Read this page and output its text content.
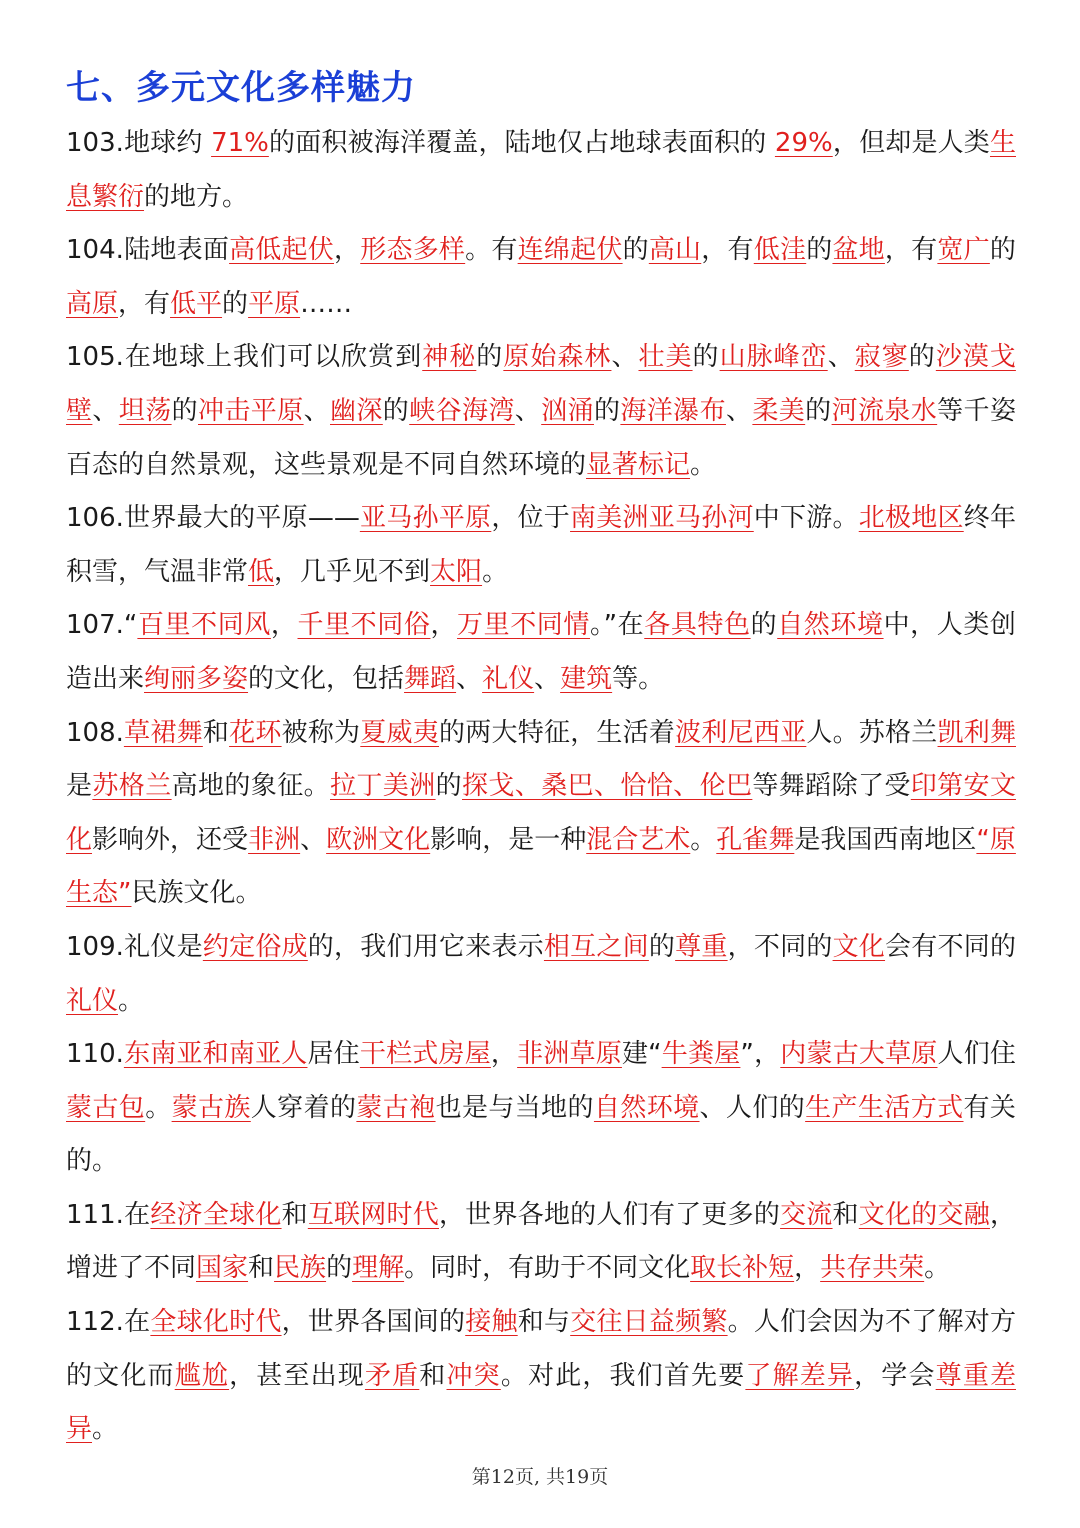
七、多元文化多样魅力

103.地球约 71%的面积被海洋覆盖，陆地仅占地球表面积的 29%，但却是人类生息繁衍的地方。

104.陆地表面高低起伏，形态多样。有连绵起伏的高山，有低洼的盆地，有宽广的高原，有低平的平原……

105.在地球上我们可以欣赏到神秘的原始森林、壮美的山脉峰峦、寂寥的沙漠戈壁、坦荡的冲击平原、幽深的峡谷海湾、汹涌的海洋瀑布、柔美的河流泉水等千姿百态的自然景观，这些景观是不同自然环境的显著标记。

106.世界最大的平原——亚马孙平原，位于南美洲亚马孙河中下游。北极地区终年积雪，气温非常低，几乎见不到太阳。

107.“百里不同风，千里不同俗，万里不同情。”在各具特色的自然环境中，人类创造出来绚丽多姿的文化，包括舞蹈、礼仪、建筑等。

108.草裙舞和花环被称为夏威夷的两大特征，生活着波利尼西亚人。苏格兰凯利舞是苏格兰高地的象征。拉丁美洲的探戈、桑巴、恰恰、伦巴等舞蹈除了受印第安文化影响外，还受非洲、欧洲文化影响，是一种混合艺术。孔雀舞是我国西南地区“原生态”民族文化。

109.礼仪是约定俗成的，我们用它来表示相互之间的尊重，不同的文化会有不同的礼仪。

110.东南亚和南亚人居住干栏式房屋，非洲草原建“牛粪屋”，内蒙古大草原人们住蒙古包。蒙古族人穿着的蒙古袍也是与当地的自然环境、人们的生产生活方式有关的。

111.在经济全球化和互联网时代，世界各地的人们有了更多的交流和文化的交融，增进了不同国家和民族的理解。同时，有助于不同文化取长补短，共存共荣。

112.在全球化时代，世界各国间的接触和与交往日益频繁。人们会因为不了解对方的文化而尴尬，甚至出现矛盾和冲突。对此，我们首先要了解差异，学会尊重差异。

第12页, 共19页
